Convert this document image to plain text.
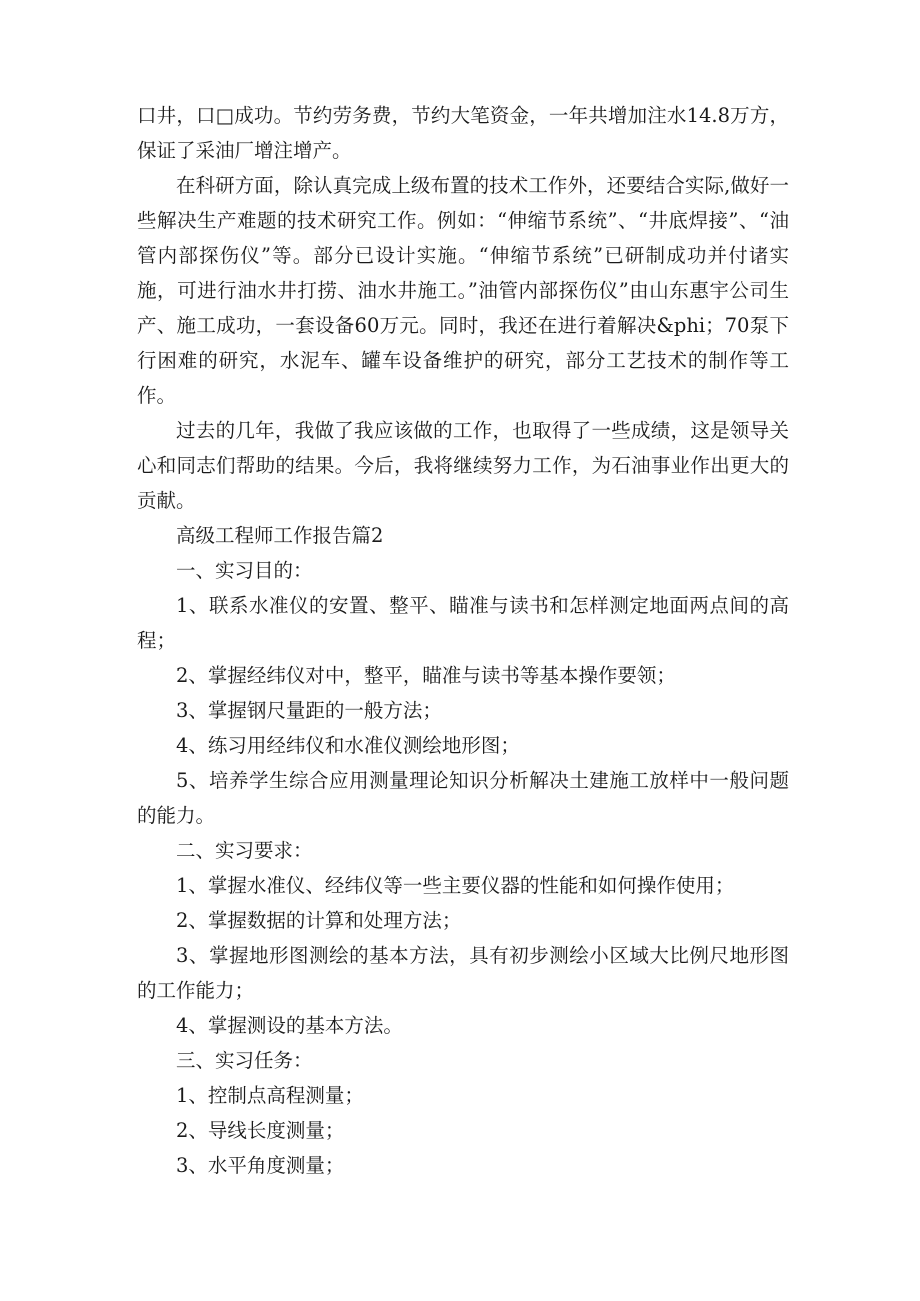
口井，口□成功。节约劳务费，节约大笔资金，一年共增加注水14.8万方，保证了采油厂增注增产。

在科研方面，除认真完成上级布置的技术工作外，还要结合实际,做好一些解决生产难题的技术研究工作。例如：“伸缩节系统”、“井底焊接”、“油管内部探伤仪”等。部分已设计实施。“伸缩节系统”已研制成功并付诸实施，可进行油水井打捞、油水井施工。”油管内部探伤仪”由山东惠宇公司生产、施工成功，一套设备60万元。同时，我还在进行着解决&phi；70泵下行困难的研究，水泥车、罐车设备维护的研究，部分工艺技术的制作等工作。

过去的几年，我做了我应该做的工作，也取得了一些成绩，这是领导关心和同志们帮助的结果。今后，我将继续努力工作，为石油事业作出更大的贡献。

高级工程师工作报告篇2

一、实习目的：

1、联系水准仪的安置、整平、瞄准与读书和怎样测定地面两点间的高程；

2、掌握经纬仪对中，整平，瞄准与读书等基本操作要领；

3、掌握钢尺量距的一般方法；

4、练习用经纬仪和水准仪测绘地形图；

5、培养学生综合应用测量理论知识分析解决土建施工放样中一般问题的能力。

二、实习要求：

1、掌握水准仪、经纬仪等一些主要仪器的性能和如何操作使用；

2、掌握数据的计算和处理方法；

3、掌握地形图测绘的基本方法，具有初步测绘小区域大比例尺地形图的工作能力；

4、掌握测设的基本方法。

三、实习任务：

1、控制点高程测量；

2、导线长度测量；

3、水平角度测量；
